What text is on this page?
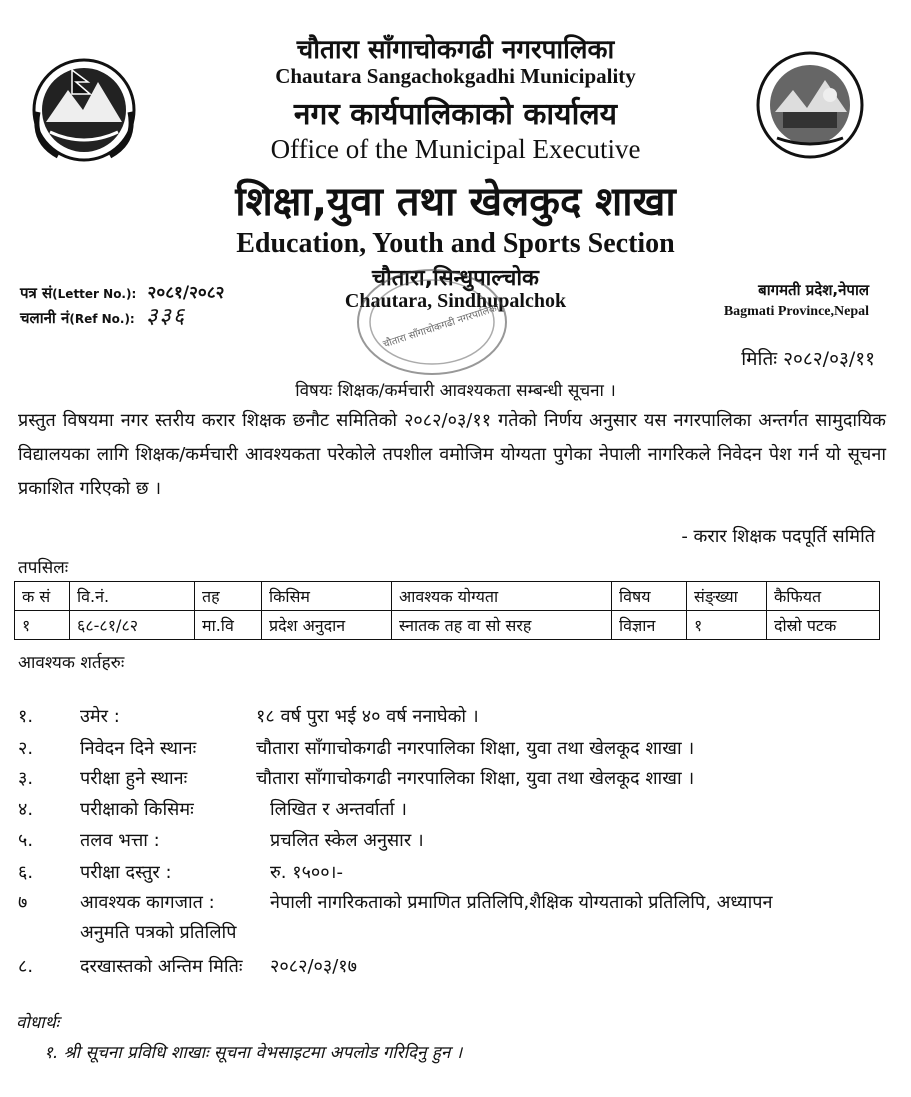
चौतारा साँगाचोकगढी नगरपालिका
Chautara Sangachokgadhi Municipality
नगर कार्यपालिकाको कार्यालय
Office of the Municipal Executive
शिक्षा,युवा तथा खेलकुद शाखा
Education, Youth and Sports Section
चौतारा,सिन्धुपाल्चोक
Chautara, Sindhupalchok
चौतारा साँगाचोकगढी नगरपालिका
पत्र सं(Letter No.): २०८१/२०८२
चलानी नं(Ref No.): ३३६
बागमती प्रदेश,नेपाल
Bagmati Province,Nepal
मितिः २०८२/०३/११
विषयः शिक्षक/कर्मचारी आवश्यकता सम्बन्धी सूचना ।
प्रस्तुत विषयमा नगर स्तरीय करार शिक्षक छनौट समितिको २०८२/०३/११ गतेको निर्णय अनुसार यस नगरपालिका अन्तर्गत सामुदायिक विद्यालयका लागि शिक्षक/कर्मचारी आवश्यकता परेकोले तपशील वमोजिम योग्यता पुगेका नेपाली नागरिकले निवेदन पेश गर्न यो सूचना प्रकाशित गरिएको छ ।
- करार शिक्षक पदपूर्ति समिति
तपसिलः
क सं	वि.नं.	तह	किसिम	आवश्यक योग्यता	विषय	संङ्ख्या	कैफियत
१	६८-८१/८२	मा.वि	प्रदेश अनुदान	स्नातक तह वा सो सरह	विज्ञान	१	दोस्रो पटक
आवश्यक शर्तहरुः
१.	उमेर :	१८ वर्ष पुरा भई ४० वर्ष ननाघेको ।
२.	निवेदन दिने स्थानः	चौतारा साँगाचोकगढी नगरपालिका शिक्षा, युवा तथा खेलकूद शाखा ।
३.	परीक्षा हुने स्थानः	चौतारा साँगाचोकगढी नगरपालिका शिक्षा, युवा तथा खेलकूद शाखा ।
४.	परीक्षाको किसिमः	लिखित र अन्तर्वार्ता ।
५.	तलव भत्ता :	प्रचलित स्केल अनुसार ।
६.	परीक्षा दस्तुर :	रु. १५००।-
७	आवश्यक कागजात :	नेपाली नागरिकताको प्रमाणित प्रतिलिपि,शैक्षिक योग्यताको प्रतिलिपि, अध्यापन
अनुमति पत्रको प्रतिलिपि
८.	दरखास्तको अन्तिम मितिः २०८२/०३/१७
वोधार्थः
१. श्री सूचना प्रविधि शाखाः सूचना वेभसाइटमा अपलोड गरिदिनु हुन ।
